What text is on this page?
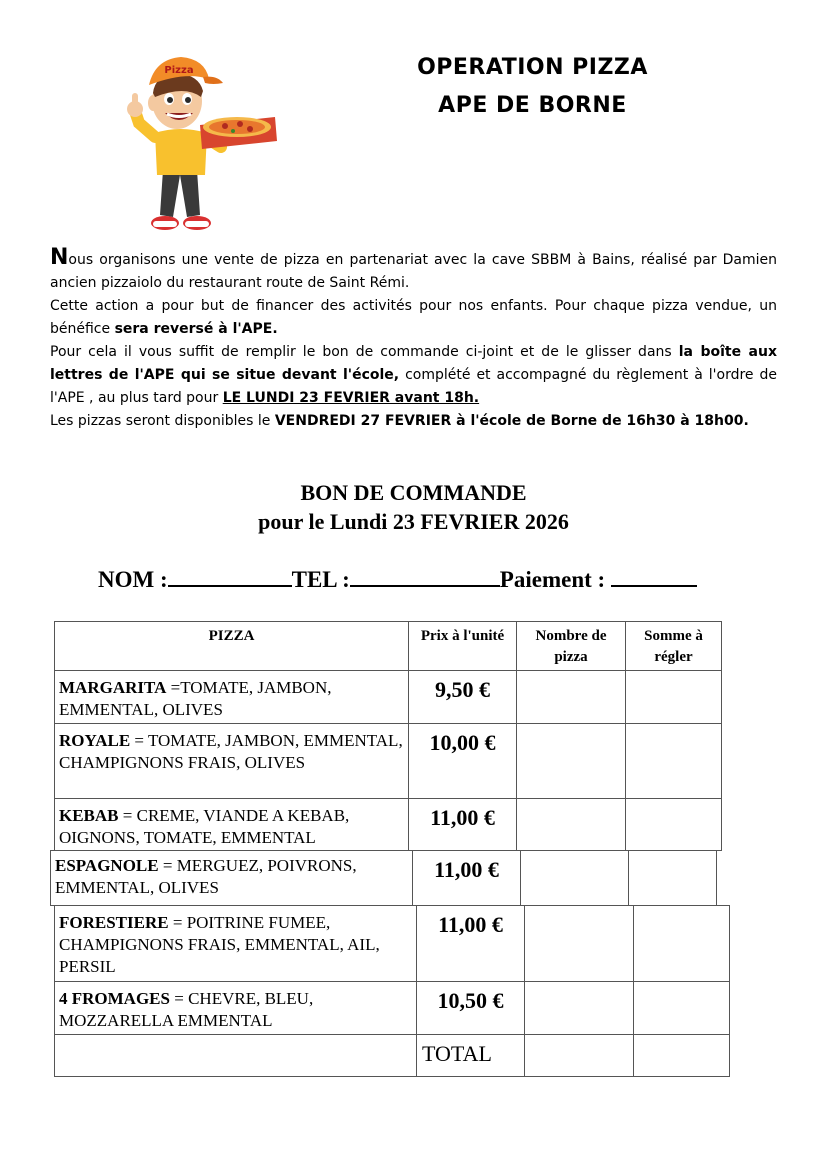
Pizza	OPERATION PIZZA
APE DE BORNE

Nous organisons une vente de pizza en partenariat avec la cave SBBM à Bains, réalisé par Damien ancien pizzaiolo du restaurant route de Saint Rémi.

Cette action a pour but de financer des activités pour nos enfants. Pour chaque pizza vendue, un bénéfice sera reversé à l'APE.

Pour cela il vous suffit de remplir le bon de commande ci-joint et de le glisser dans la boîte aux lettres de l'APE qui se situe devant l'école, complété et accompagné du règlement à l'ordre de l'APE , au plus tard pour LE LUNDI 23 FEVRIER avant 18h.

Les pizzas seront disponibles le VENDREDI 27 FEVRIER à l'école de Borne de 16h30 à 18h00.

BON DE COMMANDE
pour le Lundi 23 FEVRIER 2026
NOM :	TEL :	Paiement :
PIZZA	Prix à l'unité	Nombre de pizza	Somme à régler
MARGARITA =TOMATE, JAMBON, EMMENTAL, OLIVES	9,50 €		
ROYALE = TOMATE, JAMBON, EMMENTAL, CHAMPIGNONS FRAIS, OLIVES	10,00 €		
KEBAB = CREME, VIANDE A KEBAB, OIGNONS, TOMATE, EMMENTAL	11,00 €		
ESPAGNOLE = MERGUEZ, POIVRONS, EMMENTAL, OLIVES	11,00 €		
FORESTIERE = POITRINE FUMEE, CHAMPIGNONS FRAIS, EMMENTAL, AIL, PERSIL	11,00 €		
4 FROMAGES = CHEVRE, BLEU, MOZZARELLA EMMENTAL	10,50 €		
	TOTAL		
